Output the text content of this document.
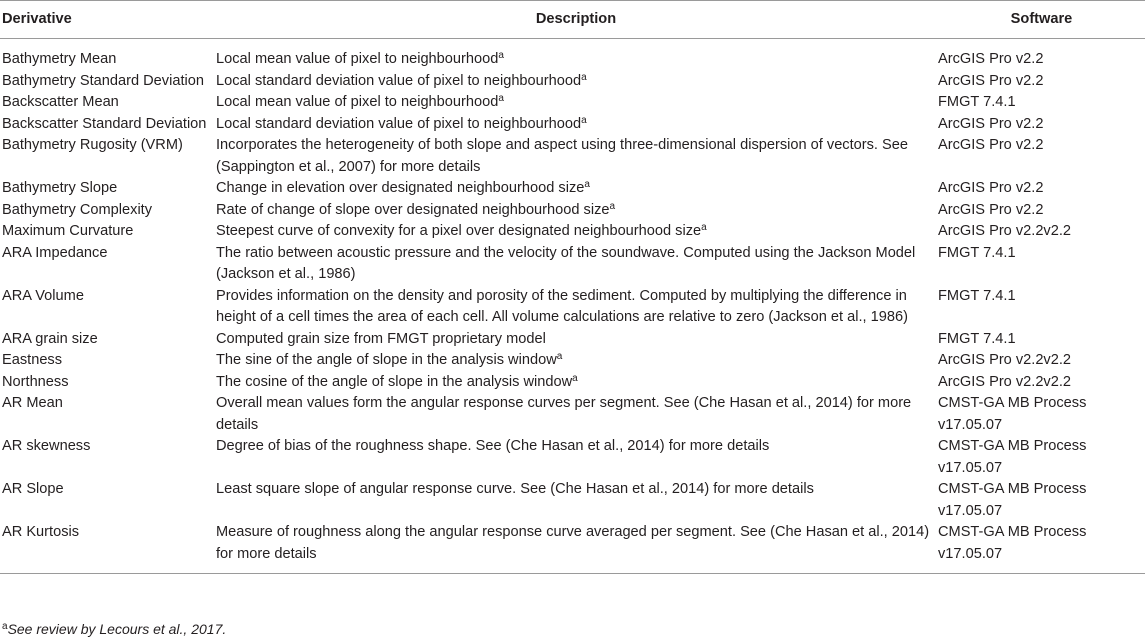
Derivative	Description	Software
Bathymetry Mean	Local mean value of pixel to neighbourhood$^a$	ArcGIS Pro v2.2
Bathymetry Standard Deviation	Local standard deviation value of pixel to neighbourhood$^a$	ArcGIS Pro v2.2
Backscatter Mean	Local mean value of pixel to neighbourhood$^a$	FMGT 7.4.1
Backscatter Standard Deviation	Local standard deviation value of pixel to neighbourhood$^a$	ArcGIS Pro v2.2
Bathymetry Rugosity (VRM)	Incorporates the heterogeneity of both slope and aspect using three-dimensional dispersion of vectors. See (Sappington et al., 2007) for more details	ArcGIS Pro v2.2
Bathymetry Slope	Change in elevation over designated neighbourhood size$^a$	ArcGIS Pro v2.2
Bathymetry Complexity	Rate of change of slope over designated neighbourhood size$^a$	ArcGIS Pro v2.2
Maximum Curvature	Steepest curve of convexity for a pixel over designated neighbourhood size$^a$	ArcGIS Pro v2.2v2.2
ARA Impedance	The ratio between acoustic pressure and the velocity of the soundwave. Computed using the Jackson Model (Jackson et al., 1986)	FMGT 7.4.1
ARA Volume	Provides information on the density and porosity of the sediment. Computed by multiplying the difference in height of a cell times the area of each cell. All volume calculations are relative to zero (Jackson et al., 1986)	FMGT 7.4.1
ARA grain size	Computed grain size from FMGT proprietary model	FMGT 7.4.1
Eastness	The sine of the angle of slope in the analysis window$^a$	ArcGIS Pro v2.2v2.2
Northness	The cosine of the angle of slope in the analysis window$^a$	ArcGIS Pro v2.2v2.2
AR Mean	Overall mean values form the angular response curves per segment. See (Che Hasan et al., 2014) for more details	CMST-GA MB Process v17.05.07
AR skewness	Degree of bias of the roughness shape. See (Che Hasan et al., 2014) for more details	CMST-GA MB Process v17.05.07
AR Slope	Least square slope of angular response curve. See (Che Hasan et al., 2014) for more details	CMST-GA MB Process v17.05.07
AR Kurtosis	Measure of roughness along the angular response curve averaged per segment. See (Che Hasan et al., 2014) for more details	CMST-GA MB Process v17.05.07
$^a$See review by Lecours et al., 2017.
